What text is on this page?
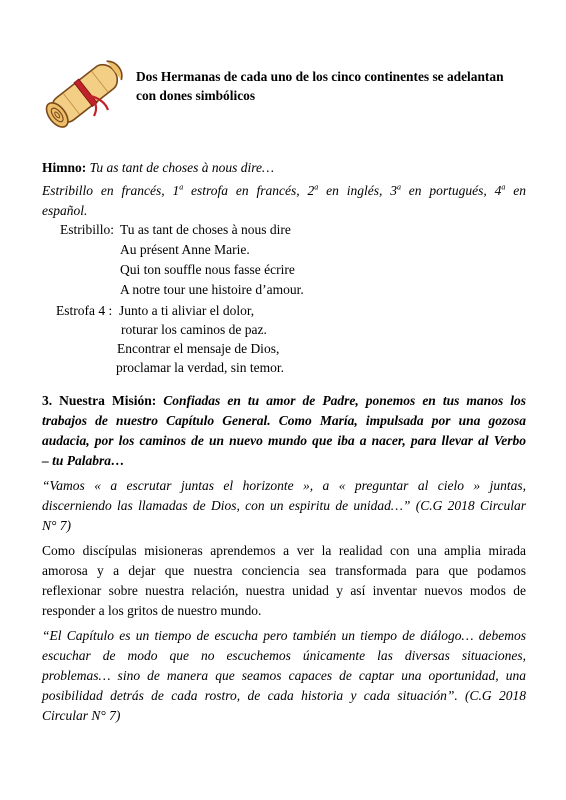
Dos Hermanas de cada uno de los cinco continentes se adelantan
con dones simbólicos
Himno: Tu as tant de choses à nous dire…
Estribillo en francés, 1$^a$ estrofa en francés, 2$^a$ en inglés, 3$^a$ en portugués, 4$^a$ en
español.
Estribillo: Tu as tant de choses à nous dire
Au présent Anne Marie.
Qui ton souffle nous fasse écrire
A notre tour une histoire d’amour.
Estrofa 4 : Junto a ti aliviar el dolor,
roturar los caminos de paz.
Encontrar el mensaje de Dios,
proclamar la verdad, sin temor.
3. Nuestra Misión: Confiadas en tu amor de Padre, ponemos en tus manos los
trabajos de nuestro Capítulo General. Como María, impulsada por una gozosa
audacia, por los caminos de un nuevo mundo que iba a nacer, para llevar al Verbo
– tu Palabra…
“Vamos « a escrutar juntas el horizonte », a « preguntar al cielo » juntas,
discerniendo las llamadas de Dios, con un espiritu de unidad…” (C.G 2018 Circular
N° 7)
Como discípulas misioneras aprendemos a ver la realidad con una amplia mirada
amorosa y a dejar que nuestra conciencia sea transformada para que podamos
reflexionar sobre nuestra relación, nuestra unidad y así inventar nuevos modos de
responder a los gritos de nuestro mundo.
“El Capítulo es un tiempo de escucha pero también un tiempo de diálogo… debemos
escuchar de modo que no escuchemos únicamente las diversas situaciones,
problemas… sino de manera que seamos capaces de captar una oportunidad, una
posibilidad detrás de cada rostro, de cada historia y cada situación”. (C.G 2018
Circular N° 7)
